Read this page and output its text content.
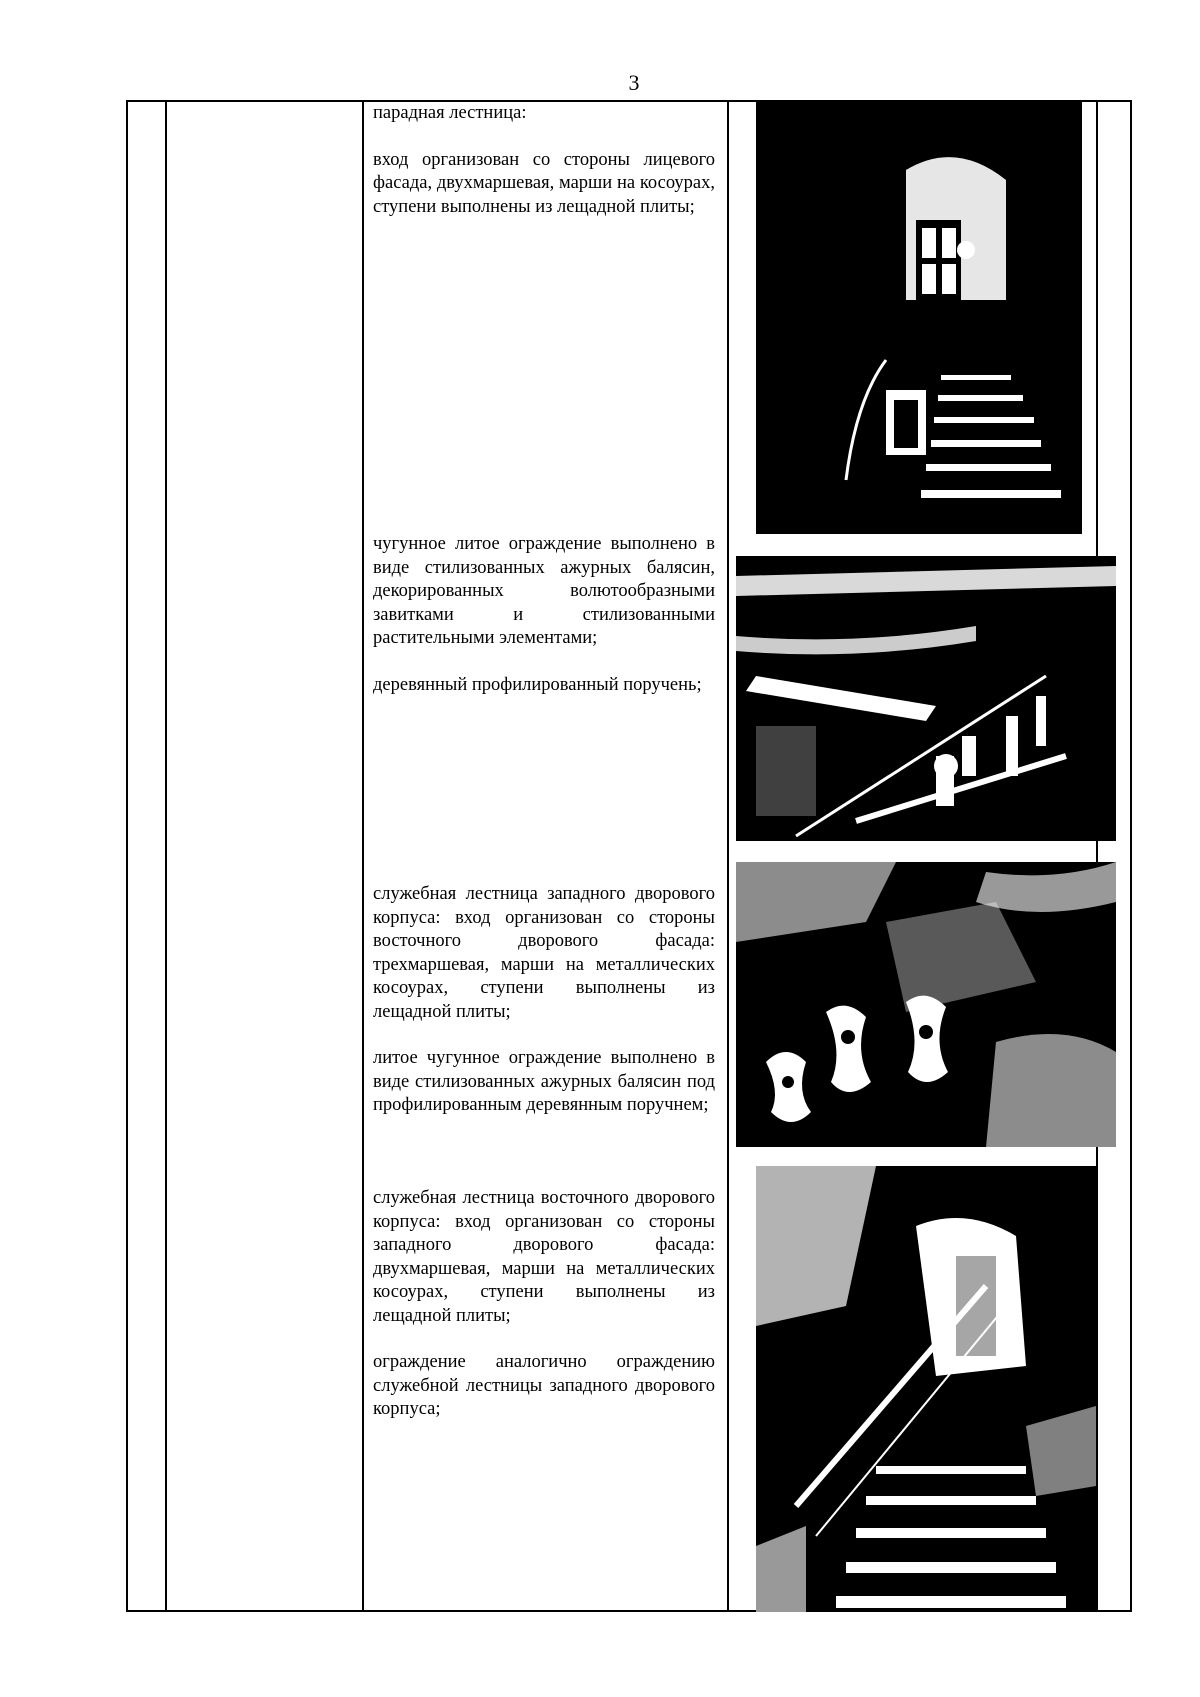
3

парадная лестница:

вход организован со стороны лицевого фасада, двухмаршевая, марши на косоурах, ступени выполнены из лещадной плиты;

чугунное литое ограждение выполнено в виде стилизованных ажурных балясин, декорированных волютообразными завитками и стилизованными растительными элементами;

деревянный профилированный поручень;

служебная лестница западного дворового корпуса: вход организован со стороны восточного дворового фасада: трехмаршевая, марши на металлических косоурах, ступени выполнены из лещадной плиты;

литое чугунное ограждение выполнено в виде стилизованных ажурных балясин под профилированным деревянным поручнем;

служебная лестница восточного дворового корпуса: вход организован со стороны западного дворового фасада: двухмаршевая, марши на металлических косоурах, ступени выполнены из лещадной плиты;

ограждение аналогично ограждению служебной лестницы западного дворового корпуса;
